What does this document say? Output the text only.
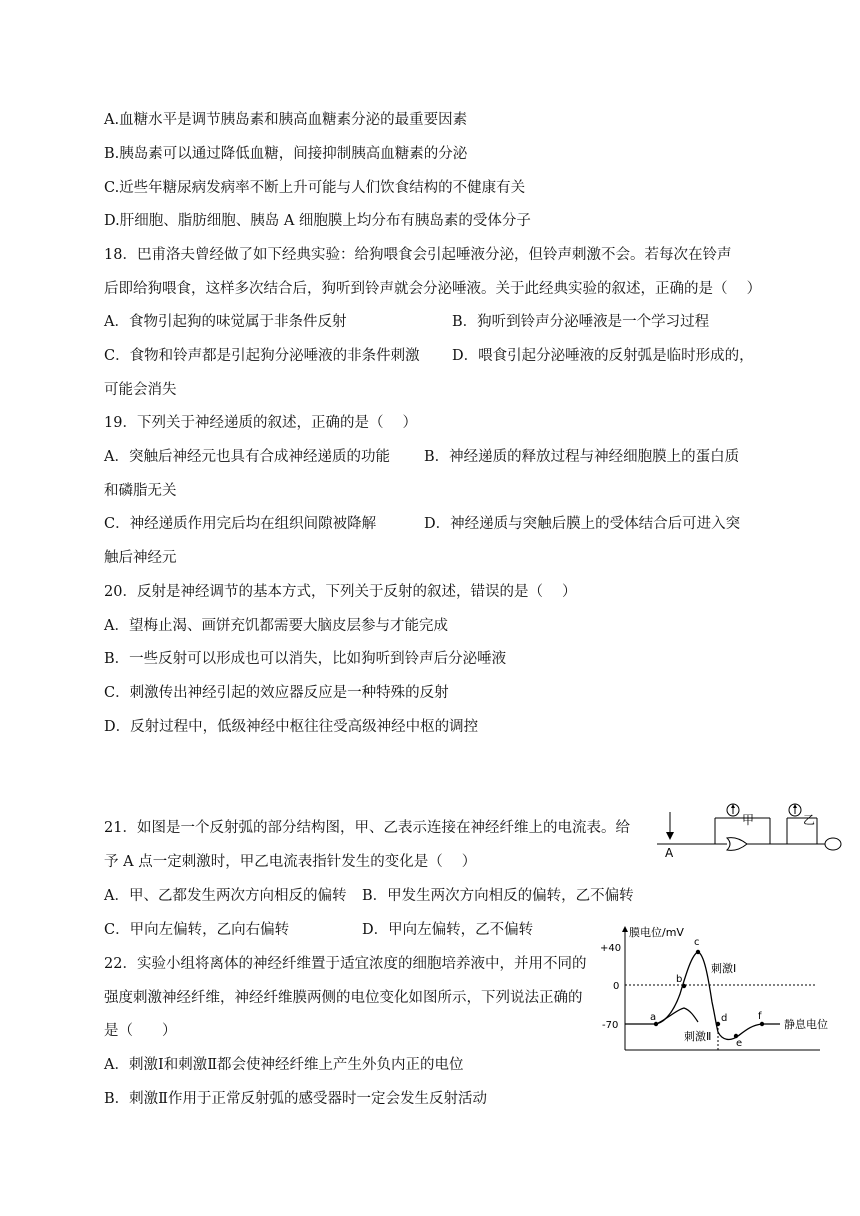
A.血糖水平是调节胰岛素和胰高血糖素分泌的最重要因素
B.胰岛素可以通过降低血糖，间接抑制胰高血糖素的分泌
C.近些年糖尿病发病率不断上升可能与人们饮食结构的不健康有关
D.肝细胞、脂肪细胞、胰岛 A 细胞膜上均分布有胰岛素的受体分子
18．巴甫洛夫曾经做了如下经典实验：给狗喂食会引起唾液分泌，但铃声刺激不会。若每次在铃声
后即给狗喂食，这样多次结合后，狗听到铃声就会分泌唾液。关于此经典实验的叙述，正确的是（　 ）
A．食物引起狗的味觉属于非条件反射	B．狗听到铃声分泌唾液是一个学习过程
C．食物和铃声都是引起狗分泌唾液的非条件刺激 D．喂食引起分泌唾液的反射弧是临时形成的，
可能会消失
19．下列关于神经递质的叙述，正确的是（　 ）
A．突触后神经元也具有合成神经递质的功能 B．神经递质的释放过程与神经细胞膜上的蛋白质
和磷脂无关
C．神经递质作用完后均在组织间隙被降解	D．神经递质与突触后膜上的受体结合后可进入突
触后神经元
20．反射是神经调节的基本方式，下列关于反射的叙述，错误的是（　 ）
A．望梅止渴、画饼充饥都需要大脑皮层参与才能完成
B．一些反射可以形成也可以消失，比如狗听到铃声后分泌唾液
C．刺激传出神经引起的效应器反应是一种特殊的反射
D．反射过程中，低级神经中枢往往受高级神经中枢的调控
21．如图是一个反射弧的部分结构图，甲、乙表示连接在神经纤维上的电流表。给
予 A 点一定刺激时，甲乙电流表指针发生的变化是（　 ）
A．甲、乙都发生两次方向相反的偏转 B．甲发生两次方向相反的偏转，乙不偏转
C．甲向左偏转，乙向右偏转	D．甲向左偏转，乙不偏转
22．实验小组将离体的神经纤维置于适宜浓度的细胞培养液中，并用不同的
强度刺激神经纤维，神经纤维膜两侧的电位变化如图所示，下列说法正确的
是（　　）
A．刺激Ⅰ和刺激Ⅱ都会使神经纤维上产生外负内正的电位
B．刺激Ⅱ作用于正常反射弧的感受器时一定会发生反射活动
A
甲	乙
膜电位/mV
+40
0
-70
a
b
c
d
e
f
刺激Ⅰ
刺激Ⅱ
静息电位
